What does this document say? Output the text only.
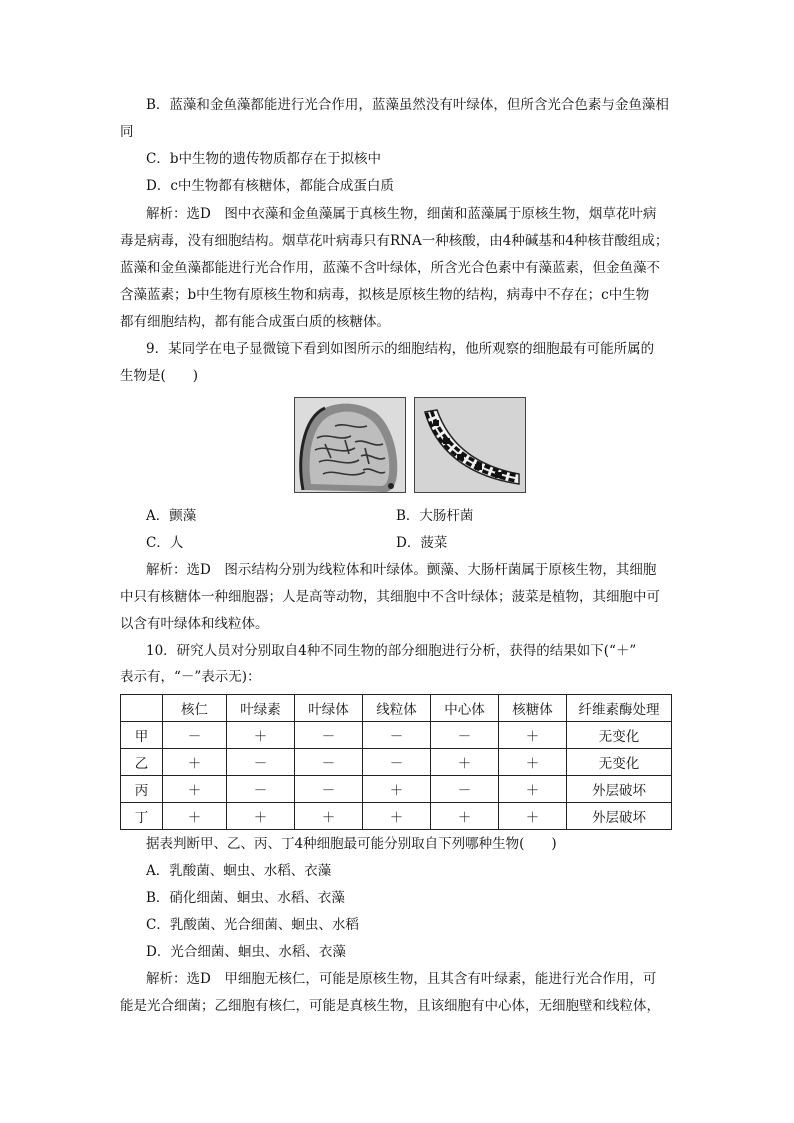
B．蓝藻和金鱼藻都能进行光合作用，蓝藻虽然没有叶绿体，但所含光合色素与金鱼藻相
同
C．b中生物的遗传物质都存在于拟核中
D．c中生物都有核糖体，都能合成蛋白质
解析：选D　图中衣藻和金鱼藻属于真核生物，细菌和蓝藻属于原核生物，烟草花叶病
毒是病毒，没有细胞结构。烟草花叶病毒只有RNA一种核酸，由4种碱基和4种核苷酸组成；
蓝藻和金鱼藻都能进行光合作用，蓝藻不含叶绿体，所含光合色素中有藻蓝素，但金鱼藻不
含藻蓝素；b中生物有原核生物和病毒，拟核是原核生物的结构，病毒中不存在；c中生物
都有细胞结构，都有能合成蛋白质的核糖体。
9．某同学在电子显微镜下看到如图所示的细胞结构，他所观察的细胞最有可能所属的
生物是(　　)
A．颤藻	B．大肠杆菌
C．人	D．菠菜
解析：选D　图示结构分别为线粒体和叶绿体。颤藻、大肠杆菌属于原核生物，其细胞
中只有核糖体一种细胞器；人是高等动物，其细胞中不含叶绿体；菠菜是植物，其细胞中可
以含有叶绿体和线粒体。
10．研究人员对分别取自4种不同生物的部分细胞进行分析，获得的结果如下(“＋”
表示有，“－”表示无)：
	核仁	叶绿素	叶绿体	线粒体	中心体	核糖体	纤维素酶处理
甲	－	＋	－	－	－	＋	无变化
乙	＋	－	－	－	＋	＋	无变化
丙	＋	－	－	＋	－	＋	外层破坏
丁	＋	＋	＋	＋	＋	＋	外层破坏
据表判断甲、乙、丙、丁4种细胞最可能分别取自下列哪种生物(　　)
A．乳酸菌、蛔虫、水稻、衣藻
B．硝化细菌、蛔虫、水稻、衣藻
C．乳酸菌、光合细菌、蛔虫、水稻
D．光合细菌、蛔虫、水稻、衣藻
解析：选D　甲细胞无核仁，可能是原核生物，且其含有叶绿素，能进行光合作用，可
能是光合细菌；乙细胞有核仁，可能是真核生物，且该细胞有中心体，无细胞壁和线粒体，
